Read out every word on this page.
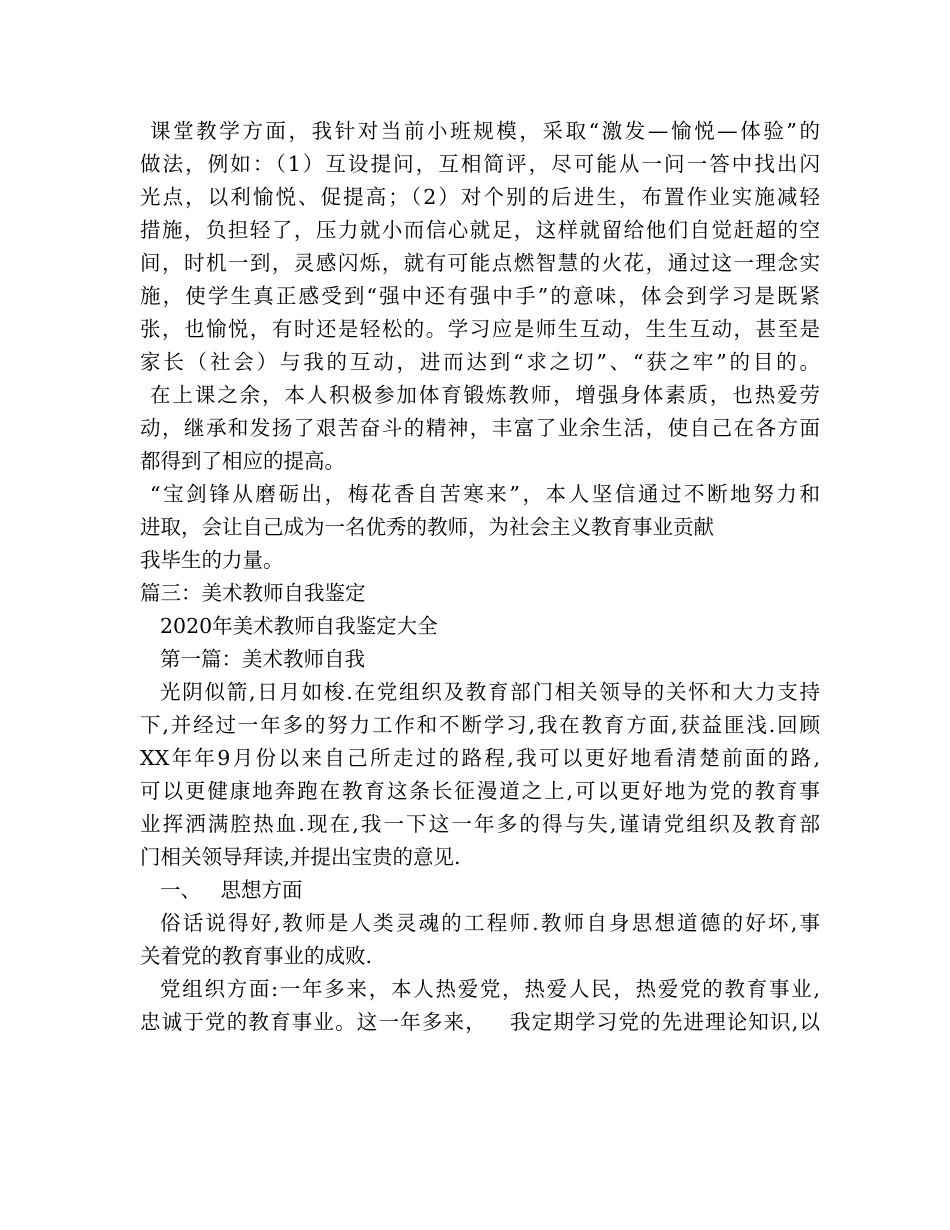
课堂教学方面，我针对当前小班规模，采取“激发—愉悦—体验”的
做法，例如：（1）互设提问，互相简评，尽可能从一问一答中找出闪
光点，以利愉悦、促提高；（2）对个别的后进生，布置作业实施减轻
措施，负担轻了，压力就小而信心就足，这样就留给他们自觉赶超的空
间，时机一到，灵感闪烁，就有可能点燃智慧的火花，通过这一理念实
施，使学生真正感受到“强中还有强中手”的意味，体会到学习是既紧
张，也愉悦，有时还是轻松的。学习应是师生互动，生生互动，甚至是
家长（社会）与我的互动，进而达到“求之切”、“获之牢”的目的。
在上课之余，本人积极参加体育锻炼教师，增强身体素质，也热爱劳
动，继承和发扬了艰苦奋斗的精神，丰富了业余生活，使自己在各方面
都得到了相应的提高。
“宝剑锋从磨砺出，梅花香自苦寒来”，本人坚信通过不断地努力和
进取，会让自己成为一名优秀的教师，为社会主义教育事业贡献
我毕生的力量。
篇三：美术教师自我鉴定
2020年美术教师自我鉴定大全
第一篇：美术教师自我
光阴似箭,日月如梭.在党组织及教育部门相关领导的关怀和大力支持
下,并经过一年多的努力工作和不断学习,我在教育方面,获益匪浅.回顾
XX年年9月份以来自己所走过的路程,我可以更好地看清楚前面的路,
可以更健康地奔跑在教育这条长征漫道之上,可以更好地为党的教育事
业挥洒满腔热血.现在,我一下这一年多的得与失,谨请党组织及教育部
门相关领导拜读,并提出宝贵的意见.
一、   思想方面
俗话说得好,教师是人类灵魂的工程师.教师自身思想道德的好坏,事
关着党的教育事业的成败.
党组织方面:一年多来，本人热爱党，热爱人民，热爱党的教育事业,
忠诚于党的教育事业。这一年多来，   我定期学习党的先进理论知识,以
